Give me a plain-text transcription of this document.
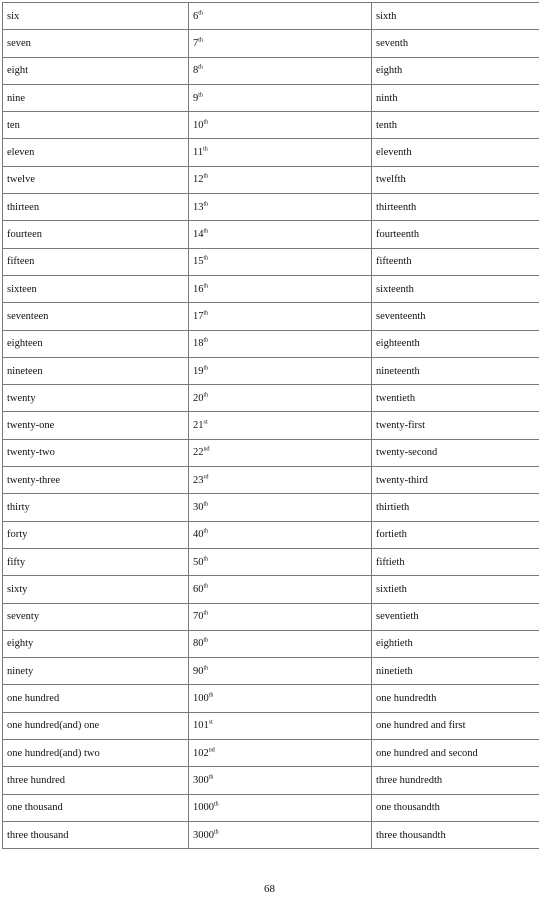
six	6th	sixth
seven	7th	seventh
eight	8th	eighth
nine	9th	ninth
ten	10th	tenth
eleven	11th	eleventh
twelve	12th	twelfth
thirteen	13th	thirteenth
fourteen	14th	fourteenth
fifteen	15th	fifteenth
sixteen	16th	sixteenth
seventeen	17th	seventeenth
eighteen	18th	eighteenth
nineteen	19th	nineteenth
twenty	20th	twentieth
twenty-one	21st	twenty-first
twenty-two	22nd	twenty-second
twenty-three	23rd	twenty-third
thirty	30th	thirtieth
forty	40th	fortieth
fifty	50th	fiftieth
sixty	60th	sixtieth
seventy	70th	seventieth
eighty	80th	eightieth
ninety	90th	ninetieth
one hundred	100th	one hundredth
one hundred(and) one	101st	one hundred and first
one hundred(and) two	102nd	one hundred and second
three hundred	300th	three hundredth
one thousand	1000th	one thousandth
three thousand	3000th	three thousandth
68
